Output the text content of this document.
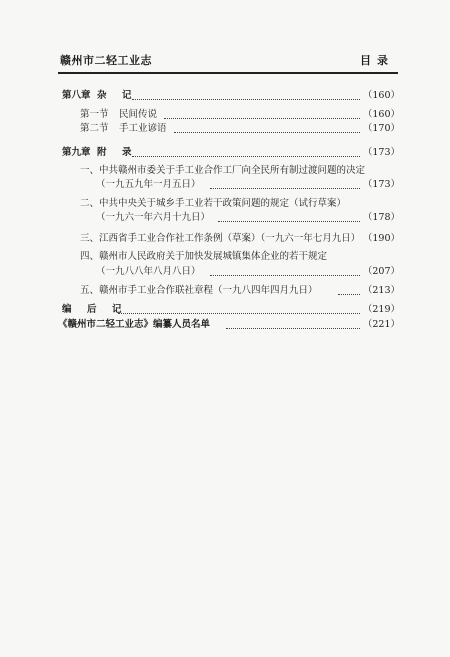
赣州市二轻工业志	目录
第八章 杂　记	（160）
第一节 民间传说	（160）
第二节 手工业谚语	（170）
第九章 附　录	（173）
一、中共赣州市委关于手工业合作工厂向全民所有制过渡问题的决定
（一九五九年一月五日）	（173）
二、中共中央关于城乡手工业若干政策问题的规定（试行草案）
（一九六一年六月十九日）	（178）
三、江西省手工业合作社工作条例（草案）（一九六一年七月九日） （190）
四、赣州市人民政府关于加快发展城镇集体企业的若干规定
（一九八八年八月八日）	（207）
五、赣州市手工业合作联社章程（一九八四年四月九日）	（213）
编　后　记	（219）
《赣州市二轻工业志》编纂人员名单	（221）
